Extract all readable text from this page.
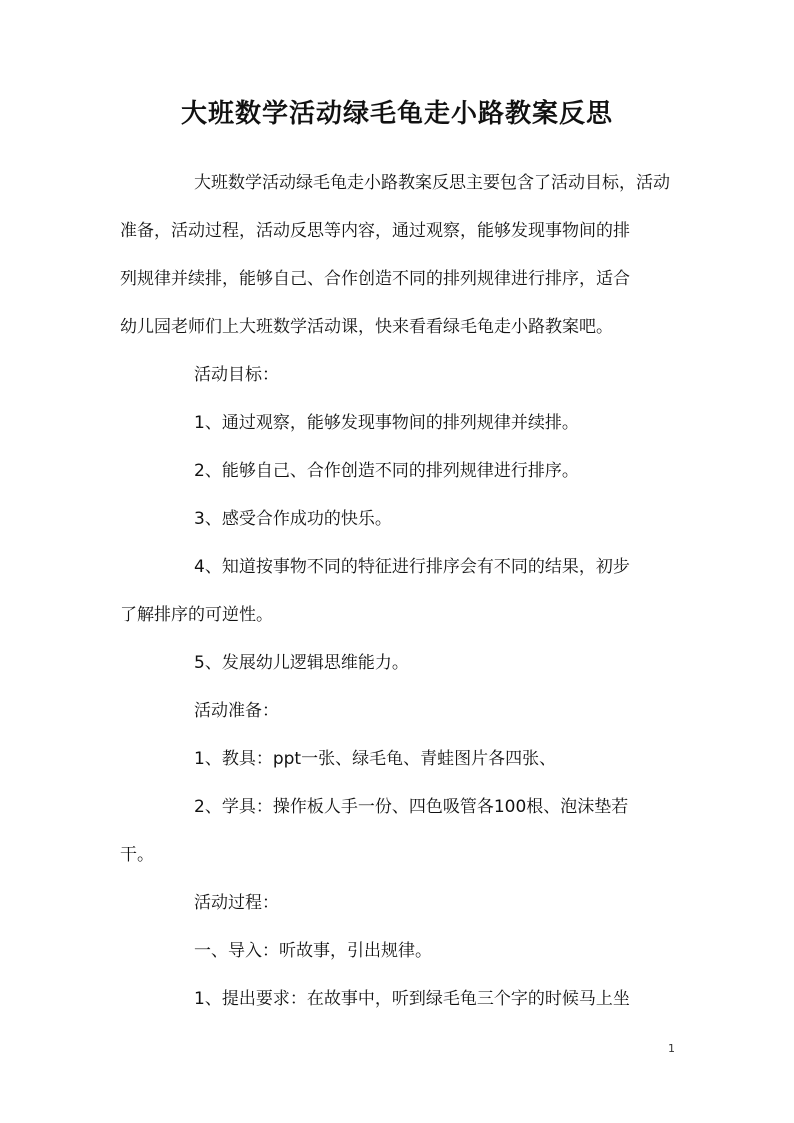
大班数学活动绿毛龟走小路教案反思
大班数学活动绿毛龟走小路教案反思主要包含了活动目标，活动
准备，活动过程，活动反思等内容，通过观察，能够发现事物间的排
列规律并续排，能够自己、合作创造不同的排列规律进行排序，适合
幼儿园老师们上大班数学活动课，快来看看绿毛龟走小路教案吧。
活动目标：
1、通过观察，能够发现事物间的排列规律并续排。
2、能够自己、合作创造不同的排列规律进行排序。
3、感受合作成功的快乐。
4、知道按事物不同的特征进行排序会有不同的结果，初步
了解排序的可逆性。
5、发展幼儿逻辑思维能力。
活动准备：
1、教具：ppt一张、绿毛龟、青蛙图片各四张、
2、学具：操作板人手一份、四色吸管各100根、泡沫垫若
干。
活动过程：
一、导入：听故事，引出规律。
1、提出要求：在故事中，听到绿毛龟三个字的时候马上坐
1
